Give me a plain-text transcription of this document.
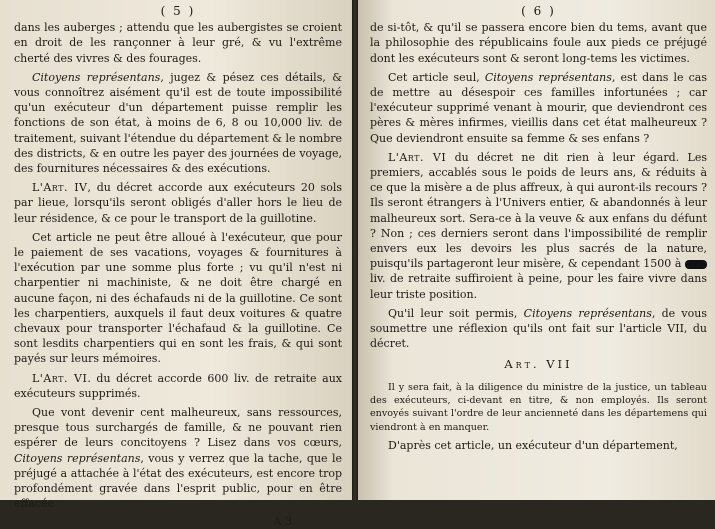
( 5 )

dans les auberges ; attendu que les aubergistes se croient en droit de les rançonner à leur gré, & vu l'extrême cherté des vivres & des fourages.

Citoyens représentans, jugez & pésez ces détails, & vous connoîtrez aisément qu'il est de toute impossibilité qu'un exécuteur d'un département puisse remplir les fonctions de son état, à moins de 6, 8 ou 10,000 liv. de traitement, suivant l'étendue du département & le nombre des districts, & en outre les payer des journées de voyage, des fournitures nécessaires & des exécutions.

L'Art. IV, du décret accorde aux exécuteurs 20 sols par lieue, lorsqu'ils seront obligés d'aller hors le lieu de leur résidence, & ce pour le transport de la guillotine.

Cet article ne peut être alloué à l'exécuteur, que pour le paiement de ses vacations, voyages & fournitures à l'exécution par une somme plus forte ; vu qu'il n'est ni charpentier ni machiniste, & ne doit être chargé en aucune façon, ni des échafauds ni de la guillotine. Ce sont les charpentiers, auxquels il faut deux voitures & quatre chevaux pour transporter l'échafaud & la guillotine. Ce sont lesdits charpentiers qui en sont les frais, & qui sont payés sur leurs mémoires.

L'Art. VI. du décret accorde 600 liv. de retraite aux exécuteurs supprimés.

Que vont devenir cent malheureux, sans ressources, presque tous surchargés de famille, & ne pouvant rien espérer de leurs concitoyens ? Lisez dans vos cœurs, Citoyens représentans, vous y verrez que la tache, que le préjugé a attachée à l'état des exécuteurs, est encore trop profondément gravée dans l'esprit public, pour en être effacée

A 3
( 6 )

de si-tôt, & qu'il se passera encore bien du tems, avant que la philosophie des républicains foule aux pieds ce préjugé dont les exécuteurs sont & seront long-tems les victimes.

Cet article seul, Citoyens représentans, est dans le cas de mettre au désespoir ces familles infortunées ; car l'exécuteur supprimé venant à mourir, que deviendront ces pères & mères infirmes, vieillis dans cet état malheureux ? Que deviendront ensuite sa femme & ses enfans ?

L'Art. VI du décret ne dit rien à leur égard. Les premiers, accablés sous le poids de leurs ans, & réduits à ce que la misère a de plus affreux, à qui auront-ils recours ? Ils seront étrangers à l'Univers entier, & abandonnés à leur malheureux sort. Sera-ce à la veuve & aux enfans du défunt ? Non ; ces derniers seront dans l'impossibilité de remplir envers eux les devoirs les plus sacrés de la nature, puisqu'ils partageront leur misère, & cependant 1500 à  liv. de retraite suffiroient à peine, pour les faire vivre dans leur triste position.

Qu'il leur soit permis, Citoyens représentans, de vous soumettre une réflexion qu'ils ont fait sur l'article VII, du décret.

Art. VII

Il y sera fait, à la diligence du ministre de la justice, un tableau des exécuteurs, ci-devant en titre, & non employés. Ils seront envoyés suivant l'ordre de leur ancienneté dans les départemens qui viendront à en manquer.

D'après cet article, un exécuteur d'un département,
